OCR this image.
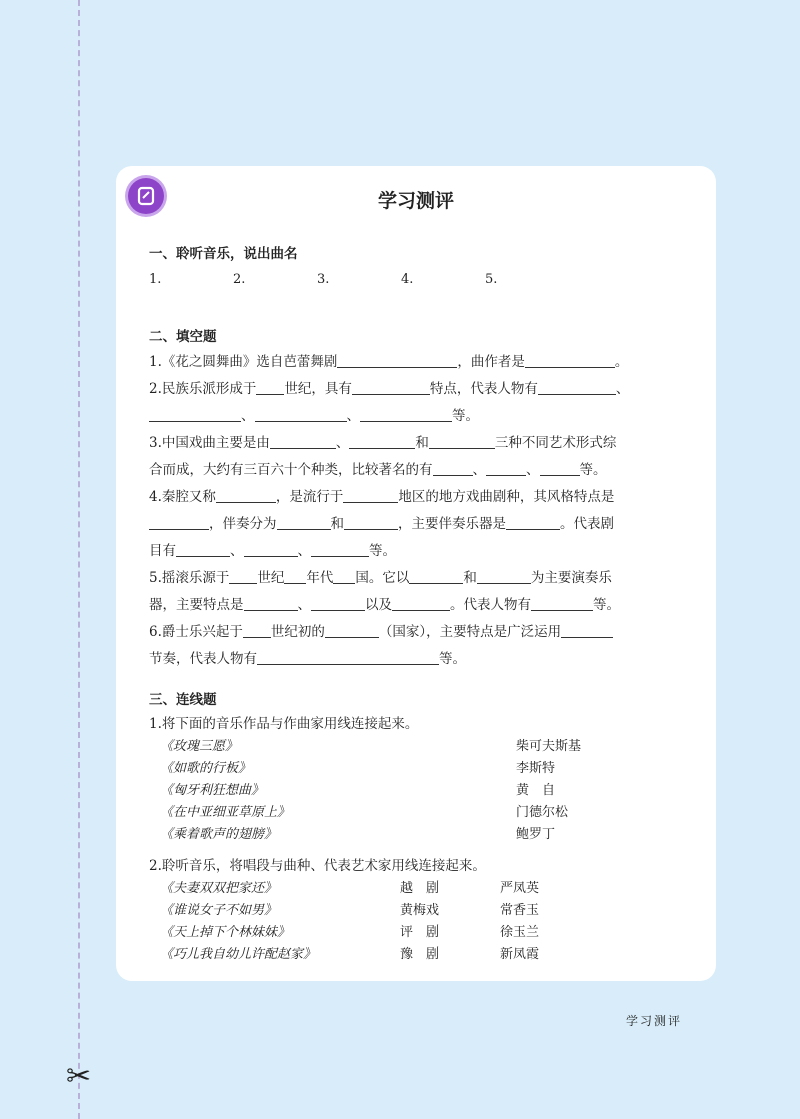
✂
学习测评
一、聆听音乐，说出曲名
1.	2.	3.	4.	5.
二、填空题

1.《花之圆舞曲》选自芭蕾舞剧	，曲作者是	。

2.民族乐派形成于 世纪，具有	特点，代表人物有	、

、	、	等。

3.中国戏曲主要是由	、	和	三种不同艺术形式综

合而成，大约有三百六十个种类，比较著名的有	、	、	等。

4.秦腔又称	，是流行于	地区的地方戏曲剧种，其风格特点是

，伴奏分为	和	，主要伴奏乐器是	。代表剧

目有	、	、	等。

5.摇滚乐源于 世纪 年代 国。它以	和	为主要演奏乐

器，主要特点是	、	以及	。代表人物有	等。

6.爵士乐兴起于 世纪初的	（国家），主要特点是广泛运用

节奏，代表人物有	等。

三、连线题

1.将下面的音乐作品与作曲家用线连接起来。

《玫瑰三愿》	柴可夫斯基
《如歌的行板》	李斯特
《匈牙利狂想曲》	黄　自
《在中亚细亚草原上》	门德尔松
《乘着歌声的翅膀》	鲍罗丁

2.聆听音乐，将唱段与曲种、代表艺术家用线连接起来。

《夫妻双双把家还》	越　剧	严凤英
《谁说女子不如男》	黄梅戏	常香玉
《天上掉下个林妹妹》	评　剧	徐玉兰
《巧儿我自幼儿许配赵家》	豫　剧	新凤霞
学习测评
